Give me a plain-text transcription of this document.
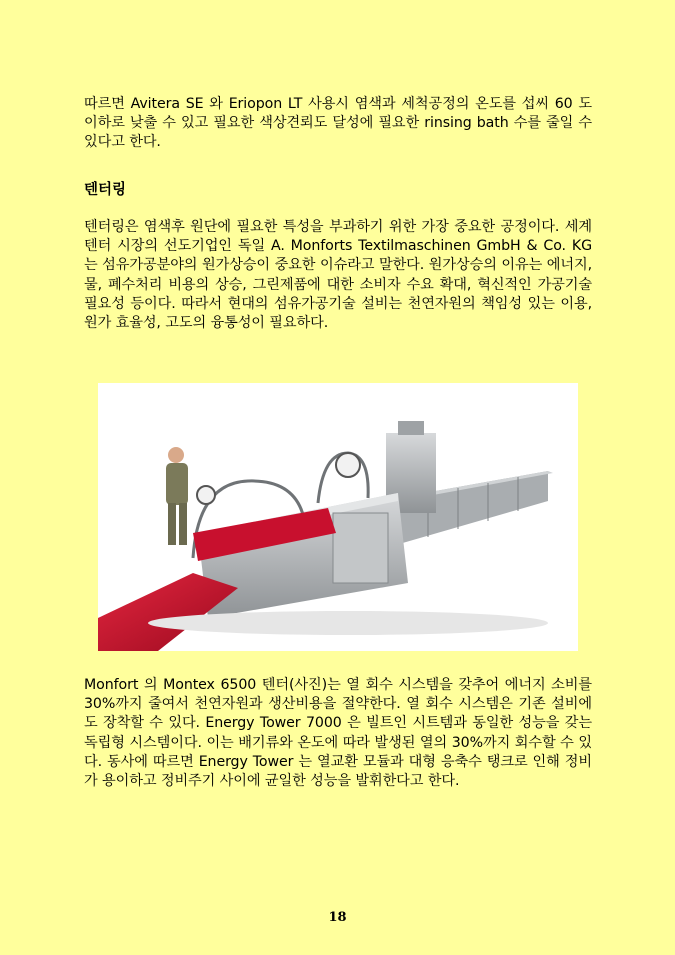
따르면 Avitera SE 와 Eriopon LT 사용시 염색과 세척공정의 온도를 섭씨 60 도 이하로 낮출 수 있고 필요한 색상견뢰도 달성에 필요한 rinsing bath 수를 줄일 수 있다고 한다.

텐터링

텐터링은 염색후 원단에 필요한 특성을 부과하기 위한 가장 중요한 공정이다. 세계 텐터 시장의 선도기업인 독일 A. Monforts Textilmaschinen GmbH & Co. KG 는 섬유가공분야의 원가상승이 중요한 이슈라고 말한다. 원가상승의 이유는 에너지, 물, 폐수처리 비용의 상승, 그린제품에 대한 소비자 수요 확대, 혁신적인 가공기술 필요성 등이다. 따라서 현대의 섬유가공기술 설비는 천연자원의 책임성 있는 이용, 원가 효율성, 고도의 융통성이 필요하다.

Monfort 의 Montex 6500 텐터(사진)는 열 회수 시스템을 갖추어 에너지 소비를 30%까지 줄여서 천연자원과 생산비용을 절약한다. 열 회수 시스템은 기존 설비에도 장착할 수 있다. Energy Tower 7000 은 빌트인 시트템과 동일한 성능을 갖는 독립형 시스템이다. 이는 배기류와 온도에 따라 발생된 열의 30%까지 회수할 수 있다. 동사에 따르면 Energy Tower 는 열교환 모듈과 대형 응축수 탱크로 인해 정비가 용이하고 정비주기 사이에 균일한 성능을 발휘한다고 한다.

18
